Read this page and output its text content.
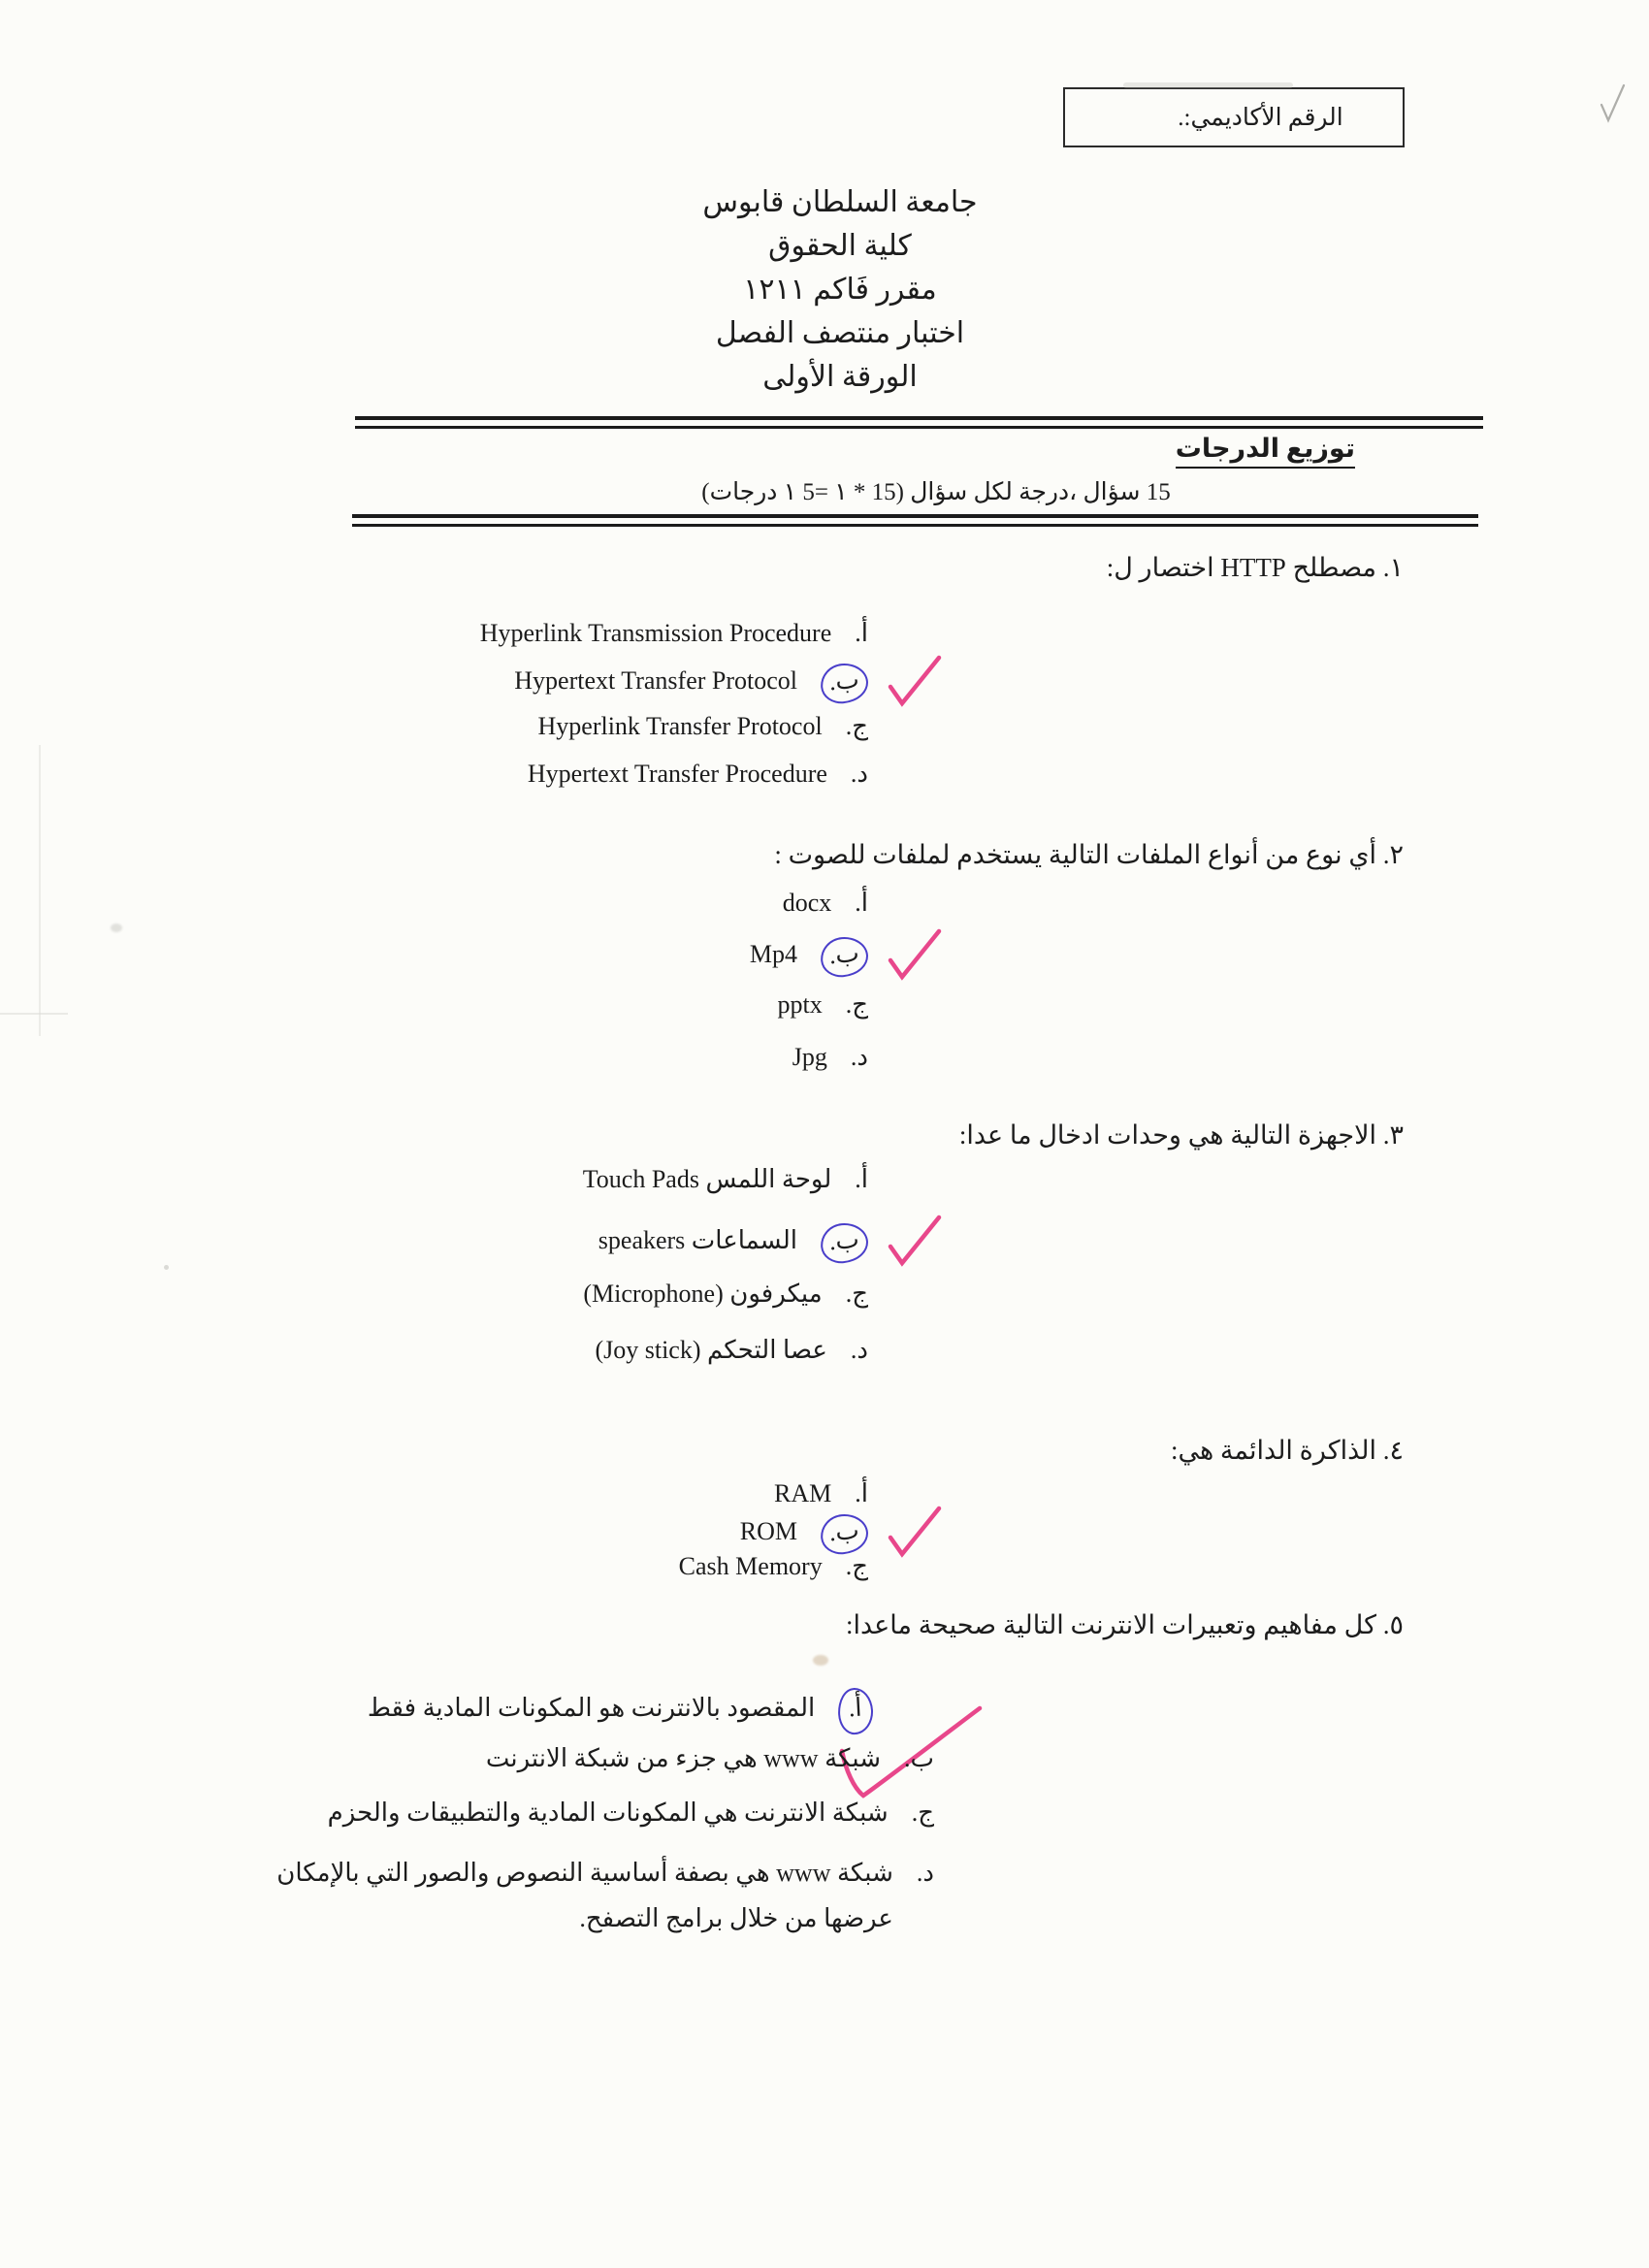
الرقم الأكاديمي:.
جامعة السلطان قابوس
كلية الحقوق
مقرر فَاكم ١٢١١
اختبار منتصف الفصل
الورقة الأولى
توزيع الدرجات
15 سؤال ،درجة لكل سؤال (15 * ١ =5 ١ درجات)
١. مصطلح HTTP اختصار ل:
أ.
Hyperlink Transmission Procedure
ب.
Hypertext Transfer Protocol
ج.
Hyperlink Transfer Protocol
د.
Hypertext Transfer Procedure
٢. أي نوع من أنواع الملفات التالية يستخدم لملفات للصوت :
أ.
docx
ب.
Mp4
ج.
pptx
د.
Jpg
٣. الاجهزة التالية هي وحدات ادخال ما عدا:
أ.
لوحة اللمس Touch Pads
ب.
السماعات speakers
ج.
ميكرفون (Microphone)
د.
عصا التحكم (Joy stick)
٤. الذاكرة الدائمة هي:
أ.
RAM
ب.
ROM
ج.
Cash Memory
٥. كل مفاهيم وتعبيرات الانترنت التالية صحيحة ماعدا:
أ.
المقصود بالانترنت هو المكونات المادية فقط
ب.
شبكة www هي جزء من شبكة الانترنت
ج.
شبكة الانترنت هي المكونات المادية والتطبيقات والحزم
د.
شبكة www هي بصفة أساسية النصوص والصور التي بالإمكان عرضها من خلال برامج التصفح.
